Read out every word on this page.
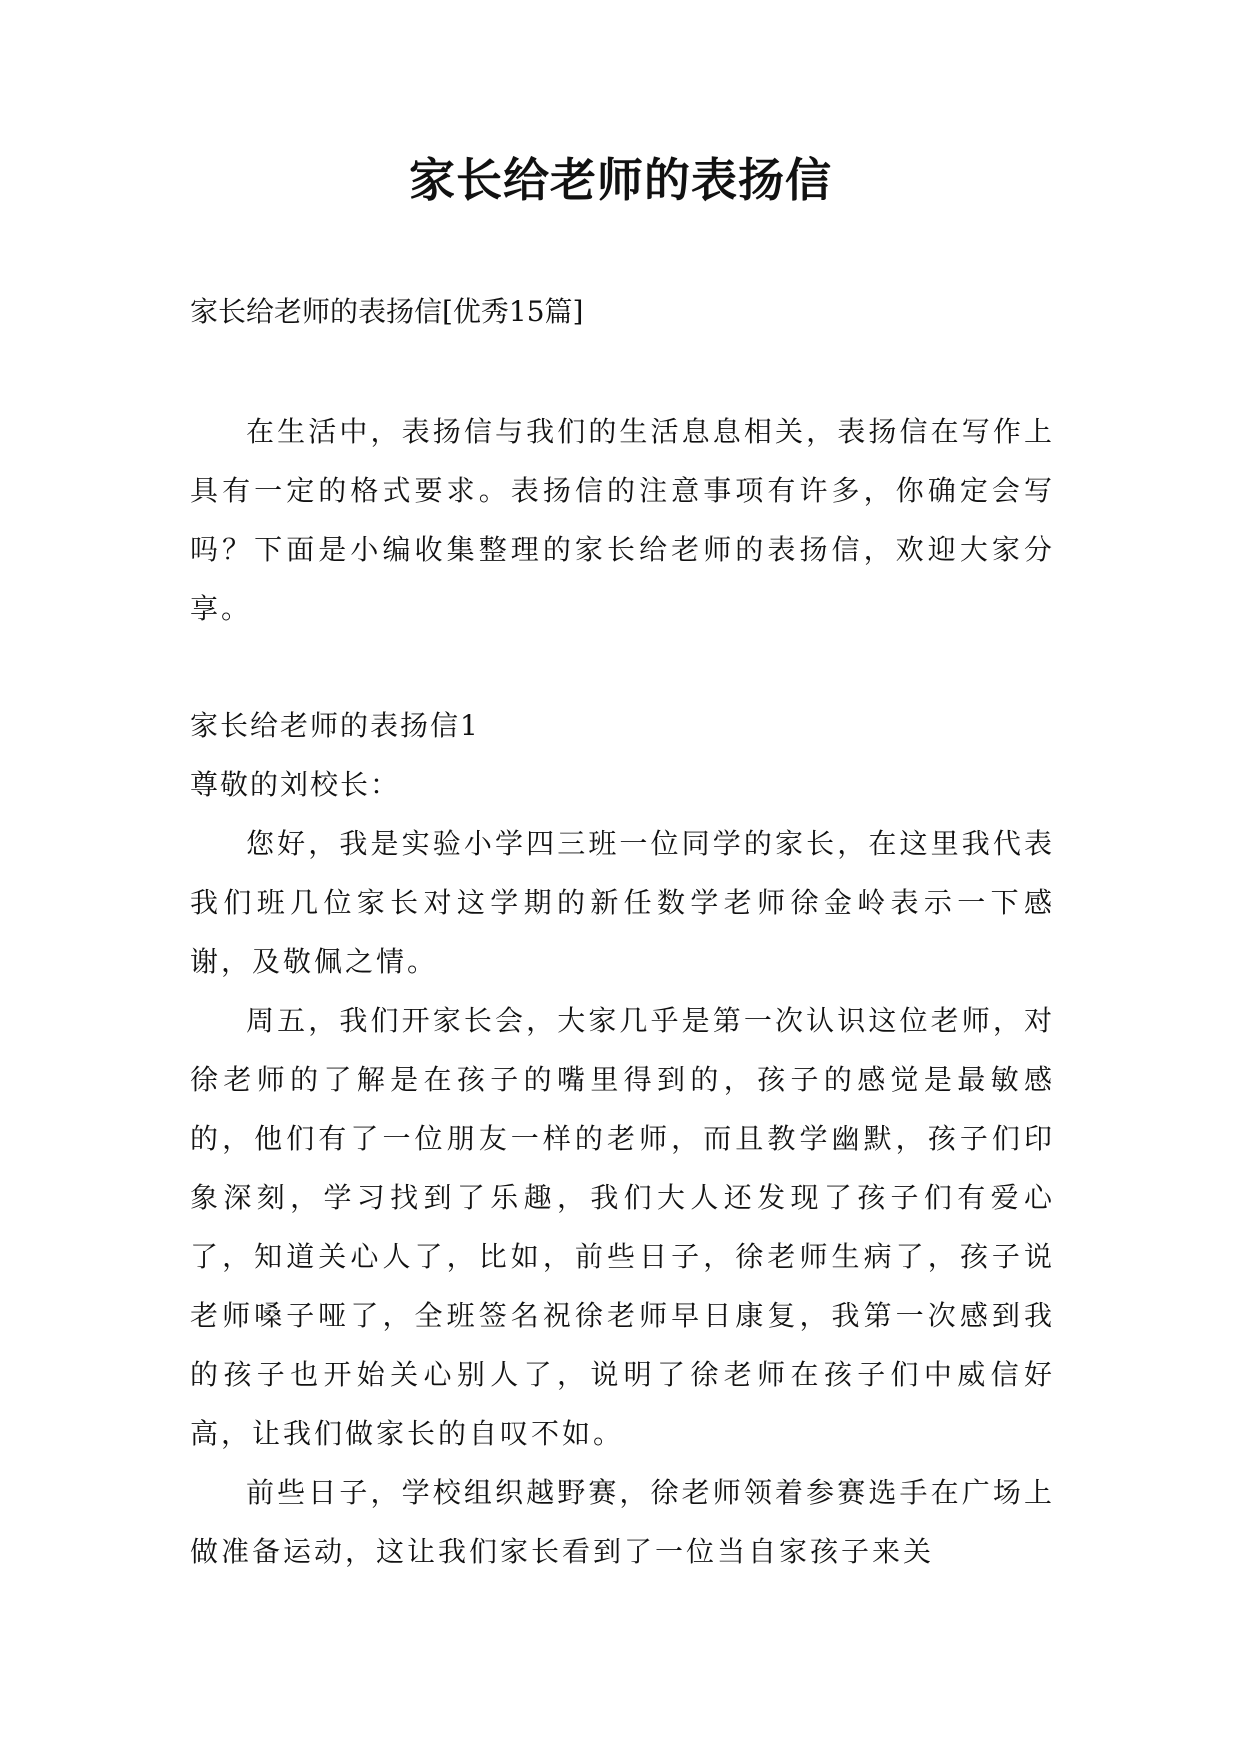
家长给老师的表扬信

家长给老师的表扬信[优秀15篇]

在生活中，表扬信与我们的生活息息相关，表扬信在写作上具有一定的格式要求。表扬信的注意事项有许多，你确定会写吗？下面是小编收集整理的家长给老师的表扬信，欢迎大家分享。

家长给老师的表扬信1

尊敬的刘校长：

您好，我是实验小学四三班一位同学的家长，在这里我代表我们班几位家长对这学期的新任数学老师徐金岭表示一下感谢，及敬佩之情。

周五，我们开家长会，大家几乎是第一次认识这位老师，对徐老师的了解是在孩子的嘴里得到的，孩子的感觉是最敏感的，他们有了一位朋友一样的老师，而且教学幽默，孩子们印象深刻，学习找到了乐趣，我们大人还发现了孩子们有爱心了，知道关心人了，比如，前些日子，徐老师生病了，孩子说老师嗓子哑了，全班签名祝徐老师早日康复，我第一次感到我的孩子也开始关心别人了，说明了徐老师在孩子们中威信好高，让我们做家长的自叹不如。

前些日子，学校组织越野赛，徐老师领着参赛选手在广场上做准备运动，这让我们家长看到了一位当自家孩子来关
